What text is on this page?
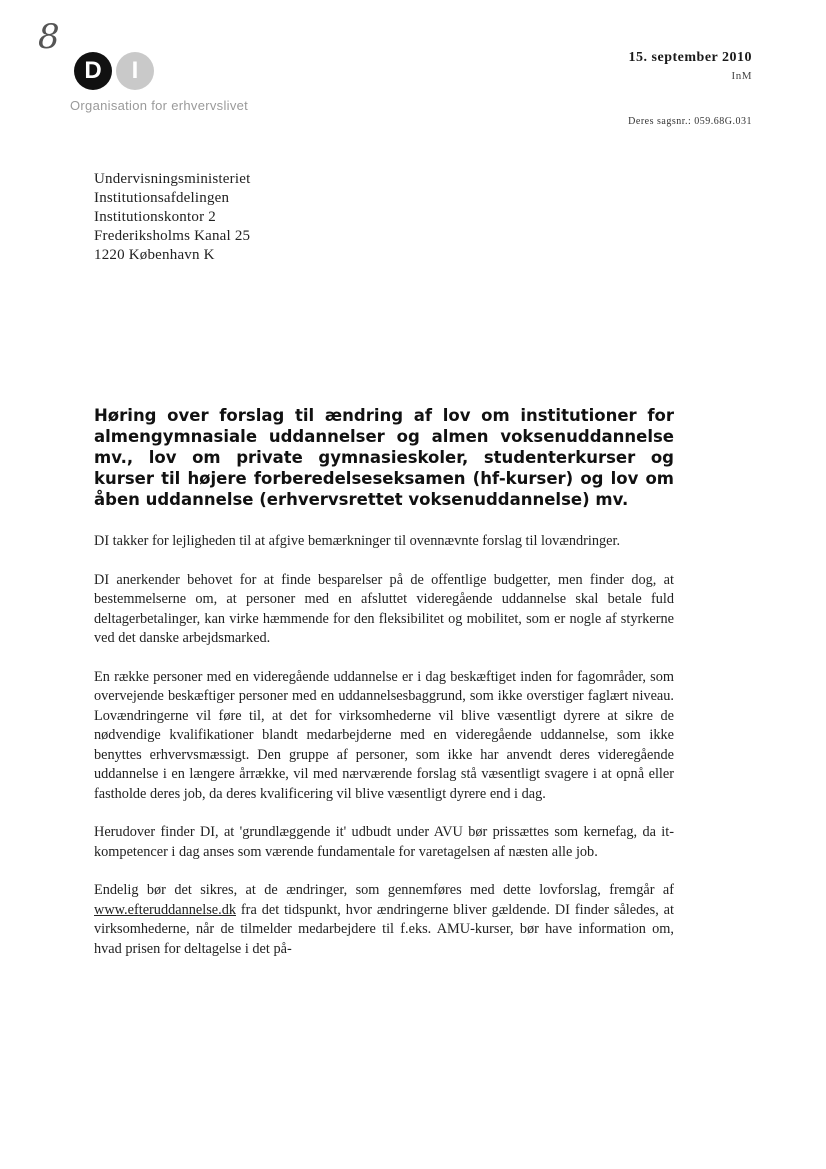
8
D	I
Organisation for erhvervslivet
15. september 2010
InM
Deres sagsnr.: 059.68G.031
Undervisningsministeriet
Institutionsafdelingen
Institutionskontor 2
Frederiksholms Kanal 25
1220 København K
Høring over forslag til ændring af lov om institutioner for almengymnasiale uddannelser og almen voksenuddannelse mv., lov om private gymnasieskoler, studenterkurser og kurser til højere forberedelseseksamen (hf-kurser) og lov om åben uddannelse (erhvervsrettet voksenuddannelse) mv.

DI takker for lejligheden til at afgive bemærkninger til ovennævnte forslag til lovændringer.

DI anerkender behovet for at finde besparelser på de offentlige budgetter, men finder dog, at bestemmelserne om, at personer med en afsluttet videregående uddannelse skal betale fuld deltagerbetalinger, kan virke hæmmende for den fleksibilitet og mobilitet, som er nogle af styrkerne ved det danske arbejdsmarked.

En række personer med en videregående uddannelse er i dag beskæftiget inden for fagområder, som overvejende beskæftiger personer med en uddannelsesbaggrund, som ikke overstiger faglært niveau. Lovændringerne vil føre til, at det for virksomhederne vil blive væsentligt dyrere at sikre de nødvendige kvalifikationer blandt medarbejderne med en videregående uddannelse, som ikke benyttes erhvervsmæssigt. Den gruppe af personer, som ikke har anvendt deres videregående uddannelse i en længere årrække, vil med nærværende forslag stå væsentligt svagere i at opnå eller fastholde deres job, da deres kvalificering vil blive væsentligt dyrere end i dag.

Herudover finder DI, at 'grundlæggende it' udbudt under AVU bør prissættes som kernefag, da it-kompetencer i dag anses som værende fundamentale for varetagelsen af næsten alle job.

Endelig bør det sikres, at de ændringer, som gennemføres med dette lovforslag, fremgår af www.efteruddannelse.dk fra det tidspunkt, hvor ændringerne bliver gældende. DI finder således, at virksomhederne, når de tilmelder medarbejdere til f.eks. AMU-kurser, bør have information om, hvad prisen for deltagelse i det på-
